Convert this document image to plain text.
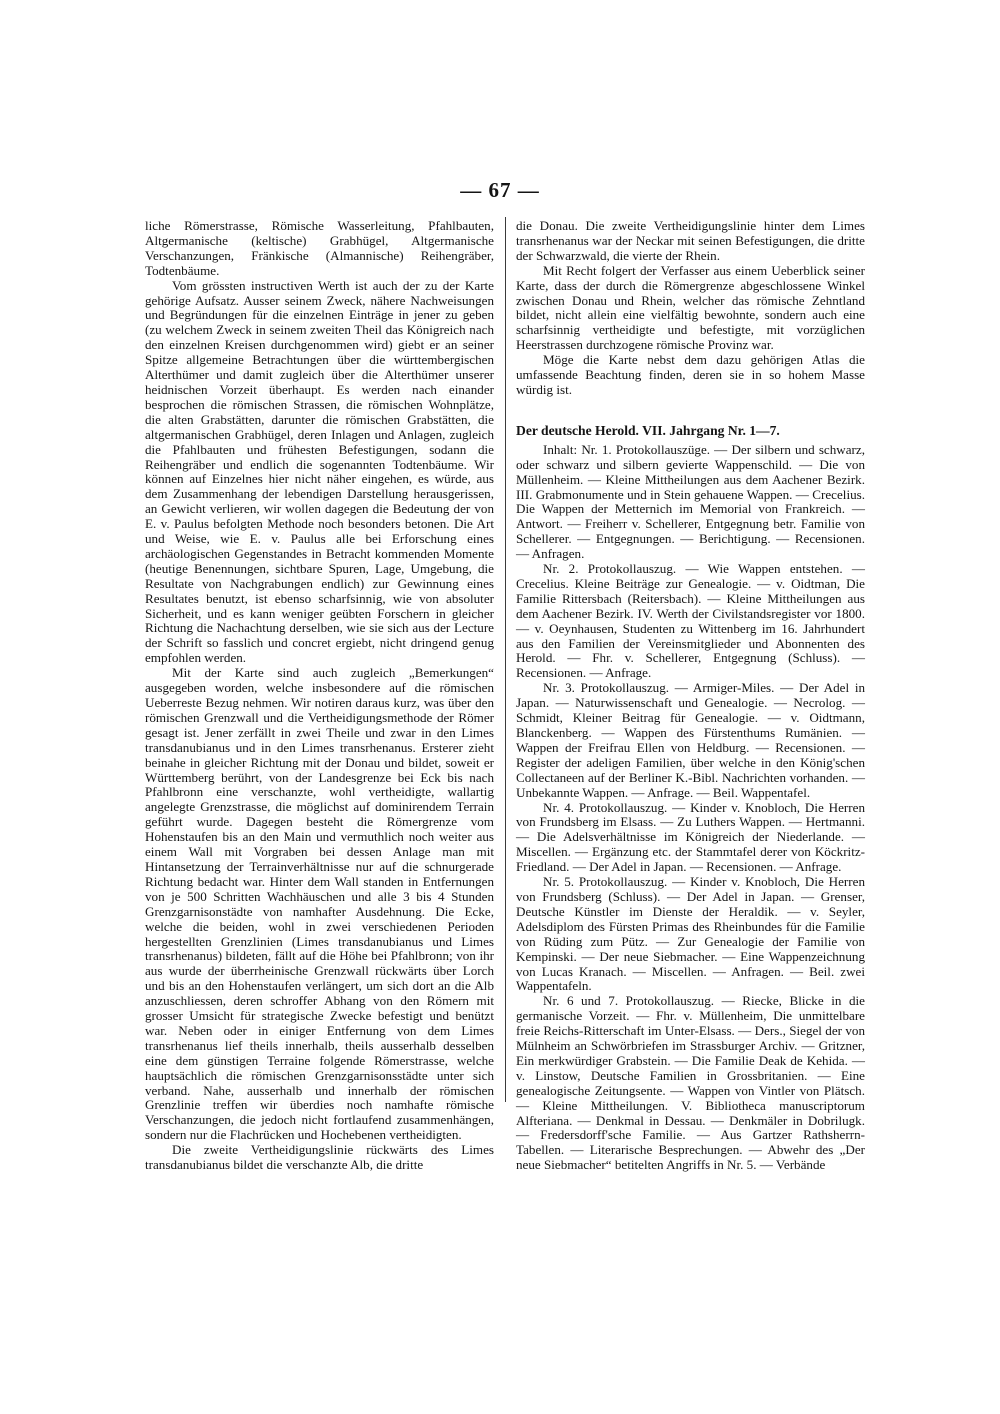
— 67 —

liche Römerstrasse, Römische Wasserleitung, Pfahlbauten, Altgermanische (keltische) Grabhügel, Altgermanische Verschanzungen, Fränkische (Almannische) Reihengräber, Todtenbäume.

Vom grössten instructiven Werth ist auch der zu der Karte gehörige Aufsatz. Ausser seinem Zweck, nähere Nachweisungen und Begründungen für die einzelnen Einträge in jener zu geben (zu welchem Zweck in seinem zweiten Theil das Königreich nach den einzelnen Kreisen durchgenommen wird) giebt er an seiner Spitze allgemeine Betrachtungen über die württembergischen Alterthümer und damit zugleich über die Alterthümer unserer heidnischen Vorzeit überhaupt. Es werden nach einander besprochen die römischen Strassen, die römischen Wohnplätze, die alten Grabstätten, darunter die römischen Grabstätten, die altgermanischen Grabhügel, deren Inlagen und Anlagen, zugleich die Pfahlbauten und frühesten Befestigungen, sodann die Reihengräber und endlich die sogenannten Todtenbäume. Wir können auf Einzelnes hier nicht näher eingehen, es würde, aus dem Zusammenhang der lebendigen Darstellung herausgerissen, an Gewicht verlieren, wir wollen dagegen die Bedeutung der von E. v. Paulus befolgten Methode noch besonders betonen. Die Art und Weise, wie E. v. Paulus alle bei Erforschung eines archäologischen Gegenstandes in Betracht kommenden Momente (heutige Benennungen, sichtbare Spuren, Lage, Umgebung, die Resultate von Nachgrabungen endlich) zur Gewinnung eines Resultates benutzt, ist ebenso scharfsinnig, wie von absoluter Sicherheit, und es kann weniger geübten Forschern in gleicher Richtung die Nachachtung derselben, wie sie sich aus der Lecture der Schrift so fasslich und concret ergiebt, nicht dringend genug empfohlen werden.

Mit der Karte sind auch zugleich „Bemerkungen“ ausgegeben worden, welche insbesondere auf die römischen Ueberreste Bezug nehmen. Wir notiren daraus kurz, was über den römischen Grenzwall und die Vertheidigungsmethode der Römer gesagt ist. Jener zerfällt in zwei Theile und zwar in den Limes transdanubianus und in den Limes transrhenanus. Ersterer zieht beinahe in gleicher Richtung mit der Donau und bildet, soweit er Württemberg berührt, von der Landesgrenze bei Eck bis nach Pfahlbronn eine verschanzte, wohl vertheidigte, wallartig angelegte Grenzstrasse, die möglichst auf dominirendem Terrain geführt wurde. Dagegen besteht die Römergrenze vom Hohenstaufen bis an den Main und vermuthlich noch weiter aus einem Wall mit Vorgraben bei dessen Anlage man mit Hintansetzung der Terrainverhältnisse nur auf die schnurgerade Richtung bedacht war. Hinter dem Wall standen in Entfernungen von je 500 Schritten Wachhäuschen und alle 3 bis 4 Stunden Grenzgarnisonstädte von namhafter Ausdehnung. Die Ecke, welche die beiden, wohl in zwei verschiedenen Perioden hergestellten Grenzlinien (Limes transdanubianus und Limes transrhenanus) bildeten, fällt auf die Höhe bei Pfahlbronn; von ihr aus wurde der überrheinische Grenzwall rückwärts über Lorch und bis an den Hohenstaufen verlängert, um sich dort an die Alb anzuschliessen, deren schroffer Abhang von den Römern mit grosser Umsicht für strategische Zwecke befestigt und benützt war. Neben oder in einiger Entfernung von dem Limes transrhenanus lief theils innerhalb, theils ausserhalb desselben eine dem günstigen Terraine folgende Römerstrasse, welche hauptsächlich die römischen Grenzgarnisonsstädte unter sich verband. Nahe, ausserhalb und innerhalb der römischen Grenzlinie treffen wir überdies noch namhafte römische Verschanzungen, die jedoch nicht fortlaufend zusammenhängen, sondern nur die Flachrücken und Hochebenen vertheidigten.

Die zweite Vertheidigungslinie rückwärts des Limes transdanubianus bildet die verschanzte Alb, die dritte

die Donau. Die zweite Vertheidigungslinie hinter dem Limes transrhenanus war der Neckar mit seinen Befestigungen, die dritte der Schwarzwald, die vierte der Rhein.

Mit Recht folgert der Verfasser aus einem Ueberblick seiner Karte, dass der durch die Römergrenze abgeschlossene Winkel zwischen Donau und Rhein, welcher das römische Zehntland bildet, nicht allein eine vielfältig bewohnte, sondern auch eine scharfsinnig vertheidigte und befestigte, mit vorzüglichen Heerstrassen durchzogene römische Provinz war.

Möge die Karte nebst dem dazu gehörigen Atlas die umfassende Beachtung finden, deren sie in so hohem Masse würdig ist.

Der deutsche Herold. VII. Jahrgang Nr. 1—7.

Inhalt: Nr. 1. Protokollauszüge. — Der silbern und schwarz, oder schwarz und silbern gevierte Wappenschild. — Die von Müllenheim. — Kleine Mittheilungen aus dem Aachener Bezirk. III. Grabmonumente und in Stein gehauene Wappen. — Crecelius. Die Wappen der Metternich im Memorial von Frankreich. — Antwort. — Freiherr v. Schellerer, Entgegnung betr. Familie von Schellerer. — Entgegnungen. — Berichtigung. — Recensionen. — Anfragen.

Nr. 2. Protokollauszug. — Wie Wappen entstehen. — Crecelius. Kleine Beiträge zur Genealogie. — v. Oidtman, Die Familie Rittersbach (Reitersbach). — Kleine Mittheilungen aus dem Aachener Bezirk. IV. Werth der Civilstandsregister vor 1800. — v. Oeynhausen, Studenten zu Wittenberg im 16. Jahrhundert aus den Familien der Vereinsmitglieder und Abonnenten des Herold. — Fhr. v. Schellerer, Entgegnung (Schluss). — Recensionen. — Anfrage.

Nr. 3. Protokollauszug. — Armiger-Miles. — Der Adel in Japan. — Naturwissenschaft und Genealogie. — Necrolog. — Schmidt, Kleiner Beitrag für Genealogie. — v. Oidtmann, Blanckenberg. — Wappen des Fürstenthums Rumänien. — Wappen der Freifrau Ellen von Heldburg. — Recensionen. — Register der adeligen Familien, über welche in den König'schen Collectaneen auf der Berliner K.-Bibl. Nachrichten vorhanden. — Unbekannte Wappen. — Anfrage. — Beil. Wappentafel.

Nr. 4. Protokollauszug. — Kinder v. Knobloch, Die Herren von Frundsberg im Elsass. — Zu Luthers Wappen. — Hertmanni. — Die Adelsverhältnisse im Königreich der Niederlande. — Miscellen. — Ergänzung etc. der Stammtafel derer von Köckritz-Friedland. — Der Adel in Japan. — Recensionen. — Anfrage.

Nr. 5. Protokollauszug. — Kinder v. Knobloch, Die Herren von Frundsberg (Schluss). — Der Adel in Japan. — Grenser, Deutsche Künstler im Dienste der Heraldik. — v. Seyler, Adelsdiplom des Fürsten Primas des Rheinbundes für die Familie von Rüding zum Pütz. — Zur Genealogie der Familie von Kempinski. — Der neue Siebmacher. — Eine Wappenzeichnung von Lucas Kranach. — Miscellen. — Anfragen. — Beil. zwei Wappentafeln.

Nr. 6 und 7. Protokollauszug. — Riecke, Blicke in die germanische Vorzeit. — Fhr. v. Müllenheim, Die unmittelbare freie Reichs-Ritterschaft im Unter-Elsass. — Ders., Siegel der von Mülnheim an Schwörbriefen im Strassburger Archiv. — Gritzner, Ein merkwürdiger Grabstein. — Die Familie Deak de Kehida. — v. Linstow, Deutsche Familien in Grossbritanien. — Eine genealogische Zeitungsente. — Wappen von Vintler von Plätsch. — Kleine Mittheilungen. V. Bibliotheca manuscriptorum Alfteriana. — Denkmal in Dessau. — Denkmäler in Dobrilugk. — Fredersdorff'sche Familie. — Aus Gartzer Rathsherrn-Tabellen. — Literarische Besprechungen. — Abwehr des „Der neue Siebmacher“ betitelten Angriffs in Nr. 5. — Verbände
